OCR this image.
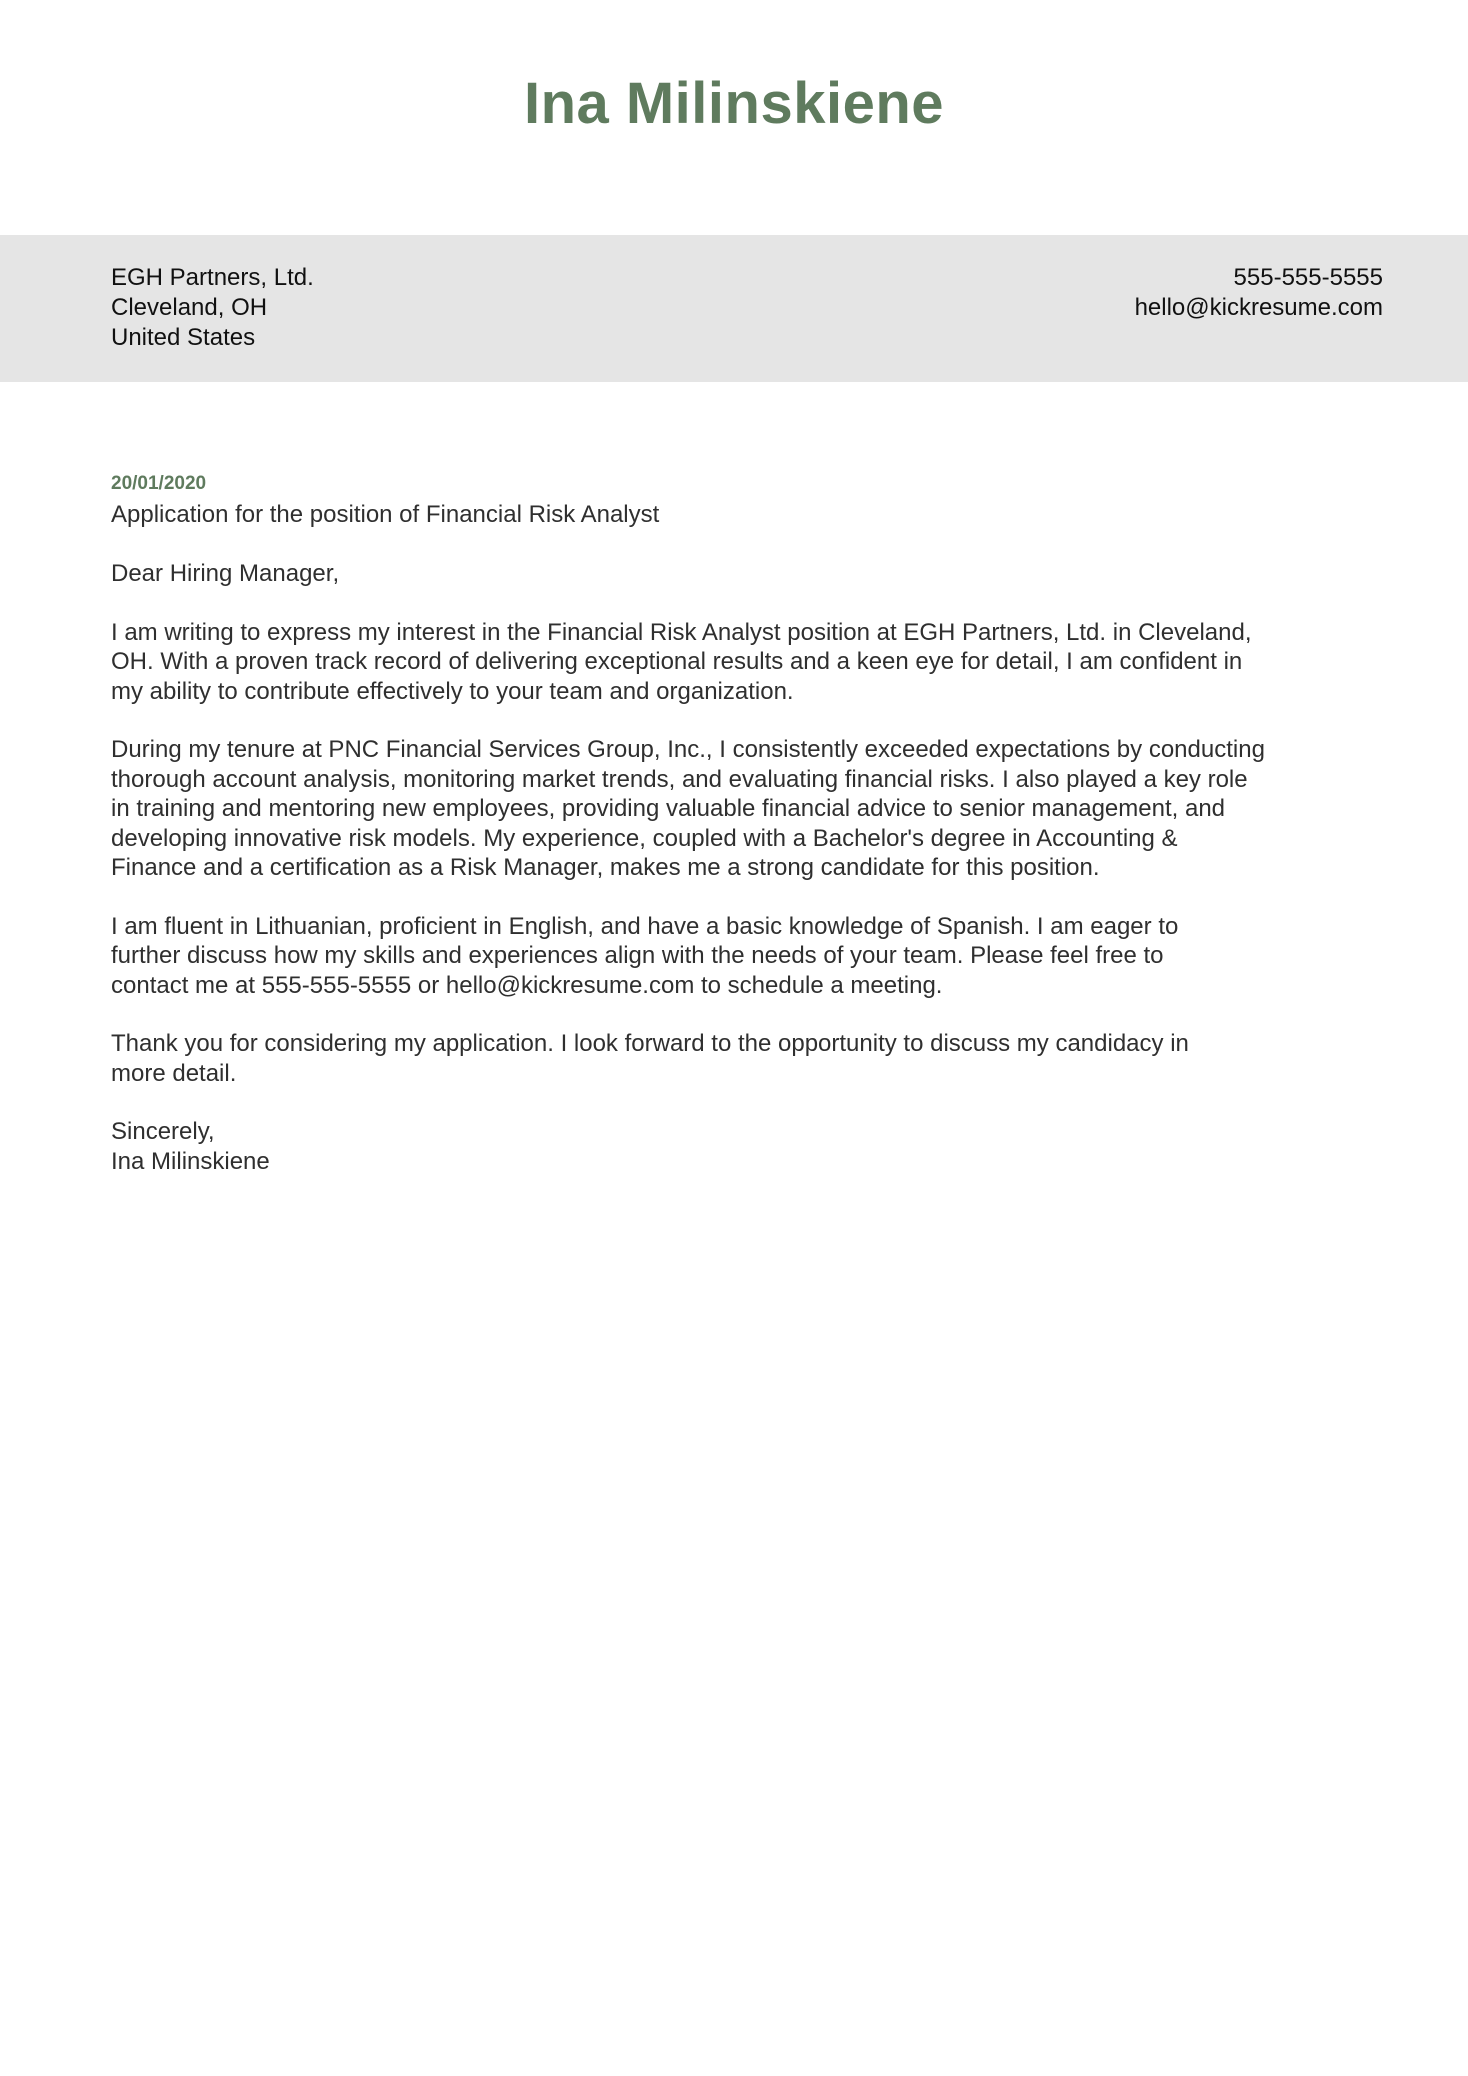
Ina Milinskiene
EGH Partners, Ltd.
Cleveland, OH
United States
555-555-5555
hello@kickresume.com
20/01/2020
Application for the position of Financial Risk Analyst

Dear Hiring Manager,

I am writing to express my interest in the Financial Risk Analyst position at EGH Partners, Ltd. in Cleveland,
OH. With a proven track record of delivering exceptional results and a keen eye for detail, I am confident in
my ability to contribute effectively to your team and organization.

During my tenure at PNC Financial Services Group, Inc., I consistently exceeded expectations by conducting
thorough account analysis, monitoring market trends, and evaluating financial risks. I also played a key role
in training and mentoring new employees, providing valuable financial advice to senior management, and
developing innovative risk models. My experience, coupled with a Bachelor's degree in Accounting &
Finance and a certification as a Risk Manager, makes me a strong candidate for this position.

I am fluent in Lithuanian, proficient in English, and have a basic knowledge of Spanish. I am eager to
further discuss how my skills and experiences align with the needs of your team. Please feel free to
contact me at 555-555-5555 or hello@kickresume.com to schedule a meeting.

Thank you for considering my application. I look forward to the opportunity to discuss my candidacy in
more detail.

Sincerely,
Ina Milinskiene
